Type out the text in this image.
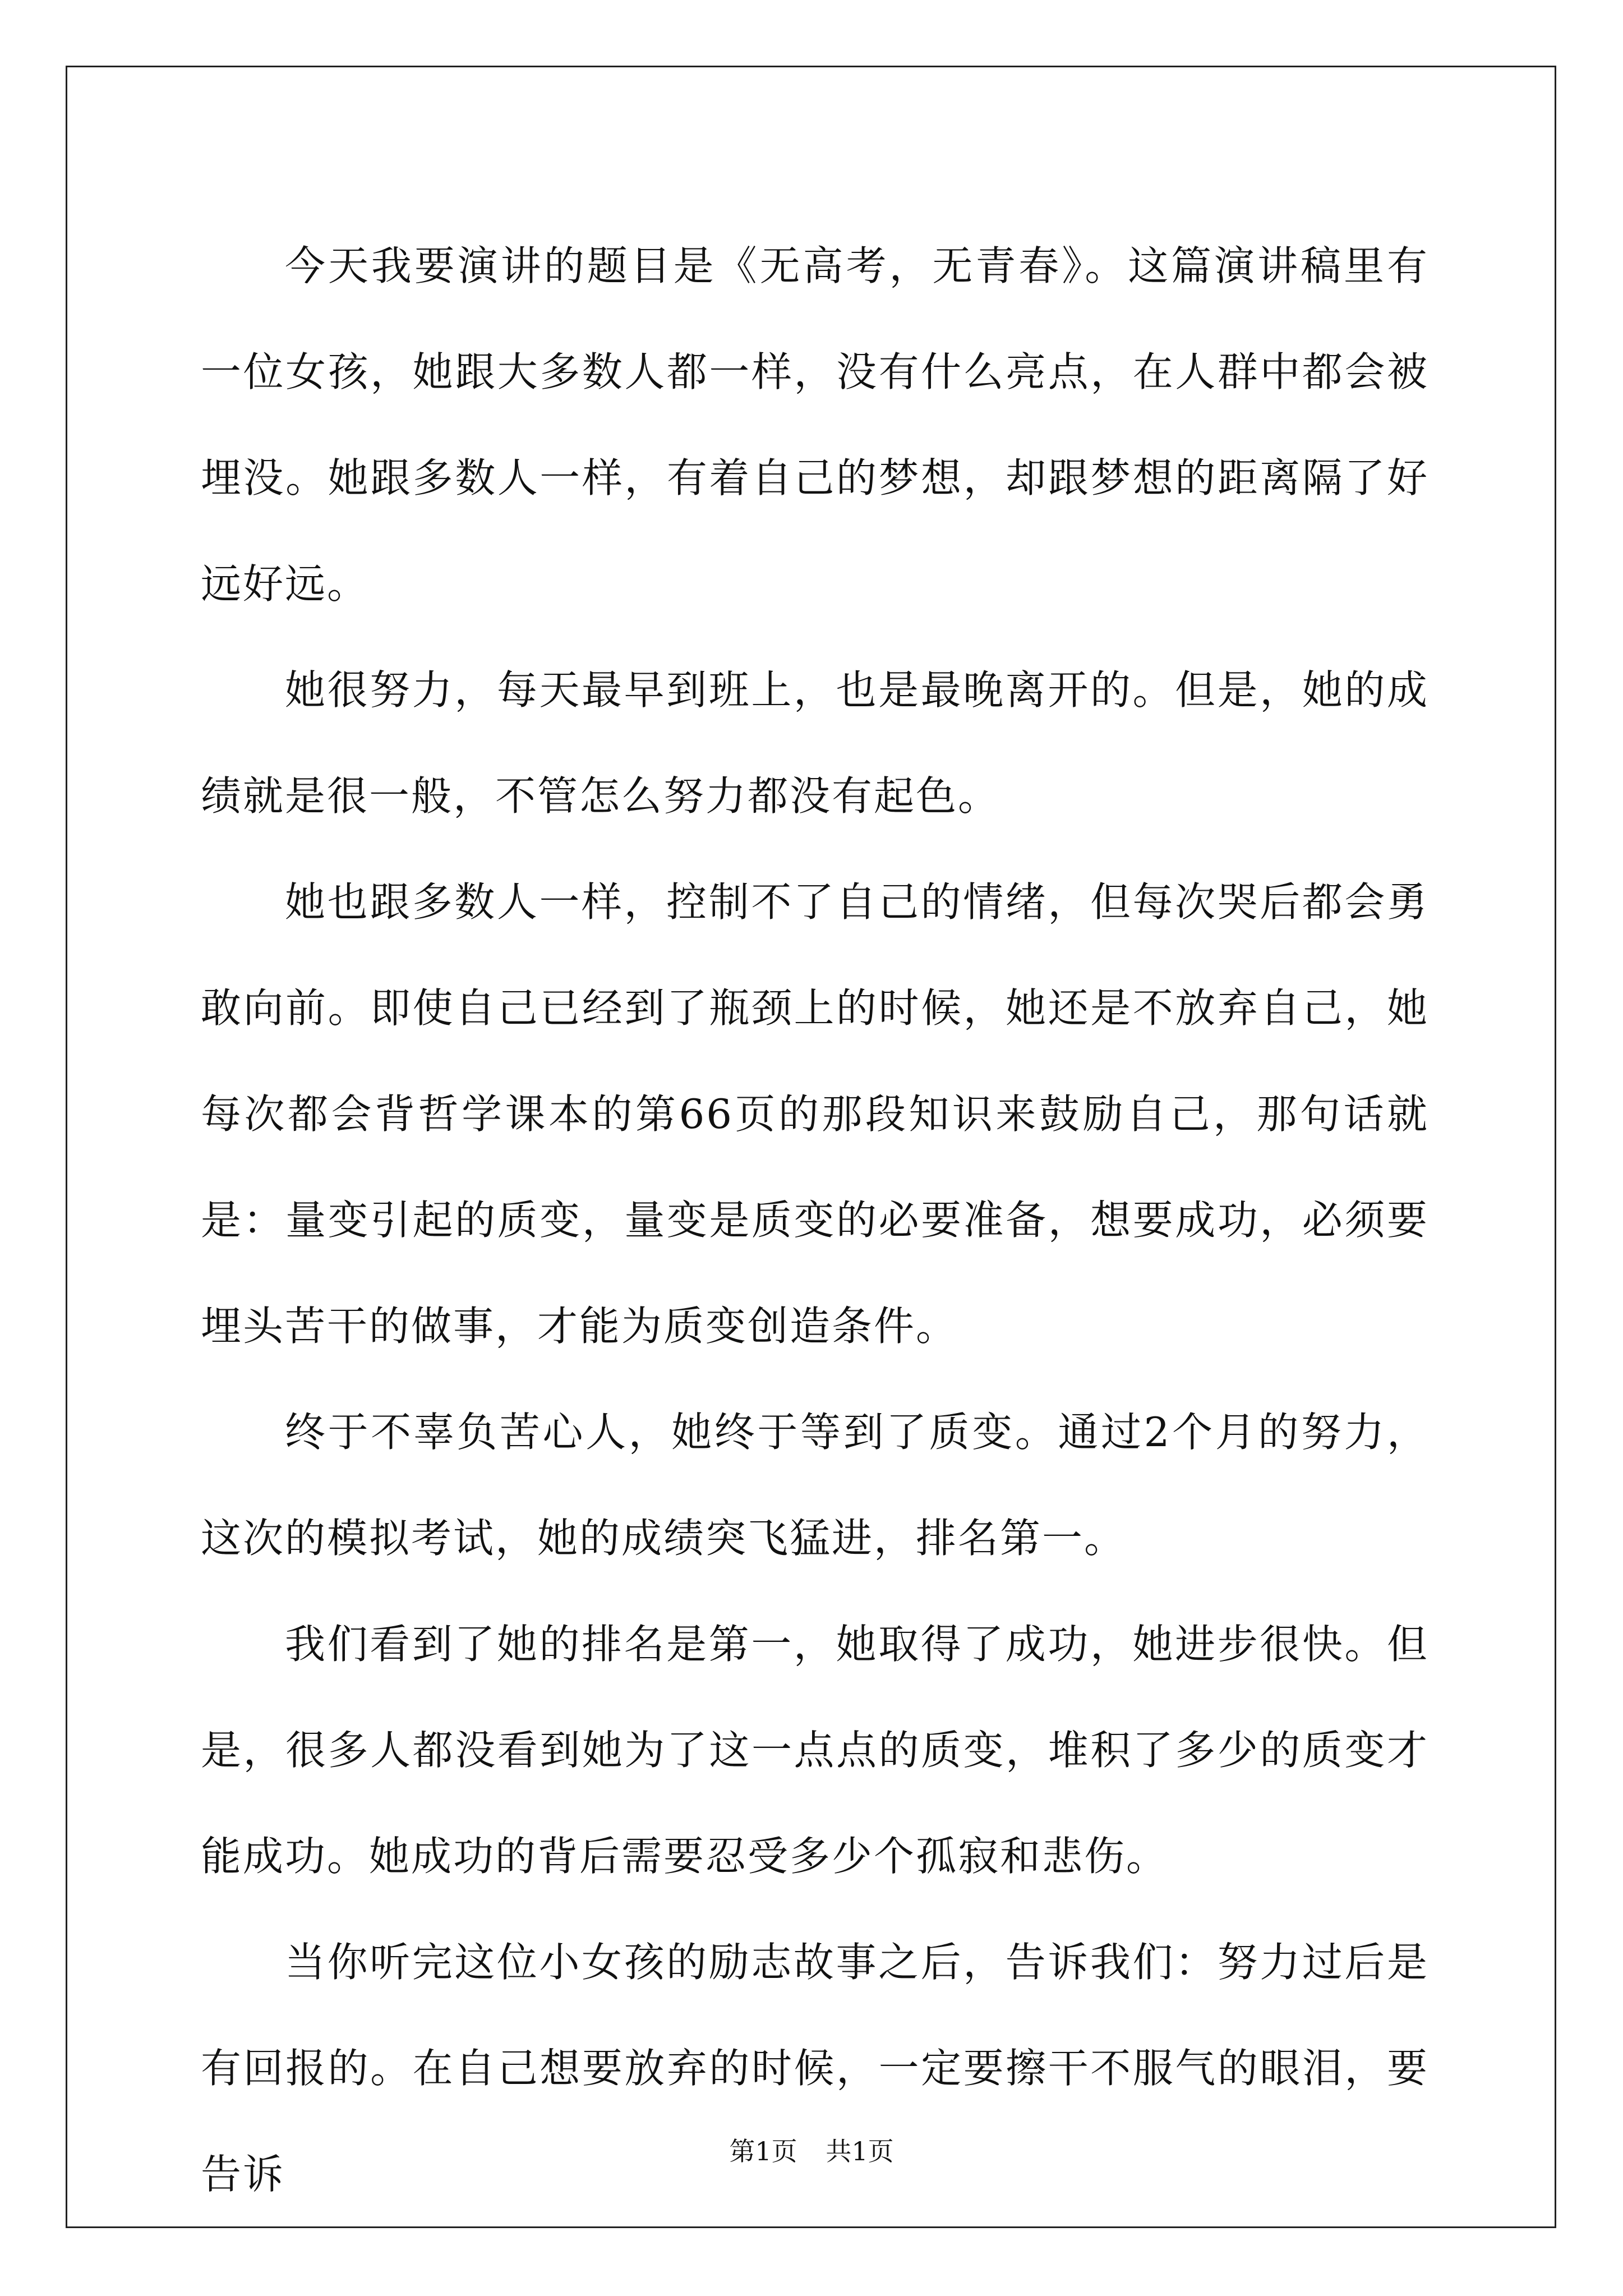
今天我要演讲的题目是《无高考，无青春》。这篇演讲稿里有一位女孩，她跟大多数人都一样，没有什么亮点，在人群中都会被埋没。她跟多数人一样，有着自己的梦想，却跟梦想的距离隔了好远好远。

她很努力，每天最早到班上，也是最晚离开的。但是，她的成绩就是很一般，不管怎么努力都没有起色。

她也跟多数人一样，控制不了自己的情绪，但每次哭后都会勇敢向前。即使自己已经到了瓶颈上的时候，她还是不放弃自己，她每次都会背哲学课本的第66页的那段知识来鼓励自己，那句话就是：量变引起的质变，量变是质变的必要准备，想要成功，必须要埋头苦干的做事，才能为质变创造条件。

终于不辜负苦心人，她终于等到了质变。通过2个月的努力，这次的模拟考试，她的成绩突飞猛进，排名第一。

我们看到了她的排名是第一，她取得了成功，她进步很快。但是，很多人都没看到她为了这一点点的质变，堆积了多少的质变才能成功。她成功的背后需要忍受多少个孤寂和悲伤。

当你听完这位小女孩的励志故事之后，告诉我们：努力过后是有回报的。在自己想要放弃的时候，一定要擦干不服气的眼泪，要告诉	第1页 共1页
